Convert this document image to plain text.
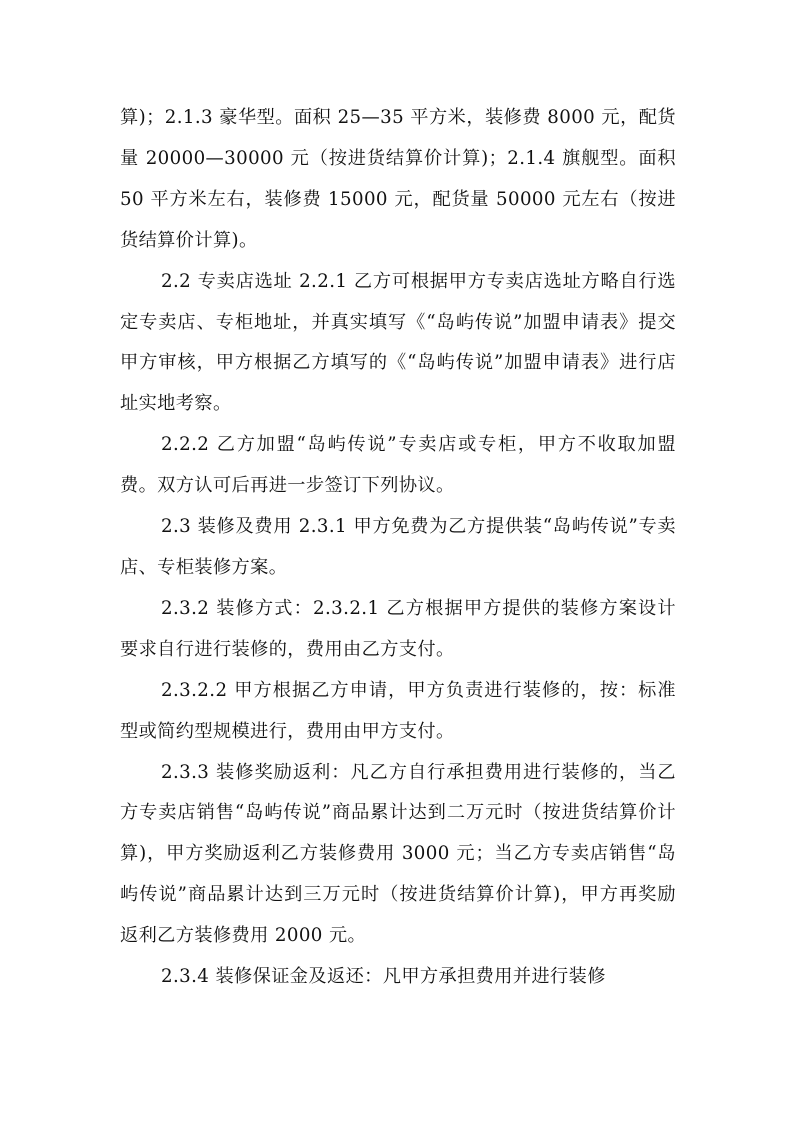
算)；2.1.3 豪华型。面积 25—35 平方米，装修费 8000 元，配货量 20000—30000 元（按进货结算价计算)；2.1.4 旗舰型。面积 50 平方米左右，装修费 15000 元，配货量 50000 元左右（按进货结算价计算)。

2.2 专卖店选址 2.2.1 乙方可根据甲方专卖店选址方略自行选定专卖店、专柜地址，并真实填写《“岛屿传说”加盟申请表》提交甲方审核，甲方根据乙方填写的《“岛屿传说”加盟申请表》进行店址实地考察。

2.2.2 乙方加盟“岛屿传说”专卖店或专柜，甲方不收取加盟费。双方认可后再进一步签订下列协议。

2.3 装修及费用 2.3.1 甲方免费为乙方提供装“岛屿传说”专卖店、专柜装修方案。

2.3.2 装修方式：2.3.2.1 乙方根据甲方提供的装修方案设计要求自行进行装修的，费用由乙方支付。

2.3.2.2 甲方根据乙方申请，甲方负责进行装修的，按：标准型或简约型规模进行，费用由甲方支付。

2.3.3 装修奖励返利：凡乙方自行承担费用进行装修的，当乙方专卖店销售“岛屿传说”商品累计达到二万元时（按进货结算价计算)，甲方奖励返利乙方装修费用 3000 元；当乙方专卖店销售“岛屿传说”商品累计达到三万元时（按进货结算价计算)，甲方再奖励返利乙方装修费用 2000 元。

2.3.4 装修保证金及返还：凡甲方承担费用并进行装修
